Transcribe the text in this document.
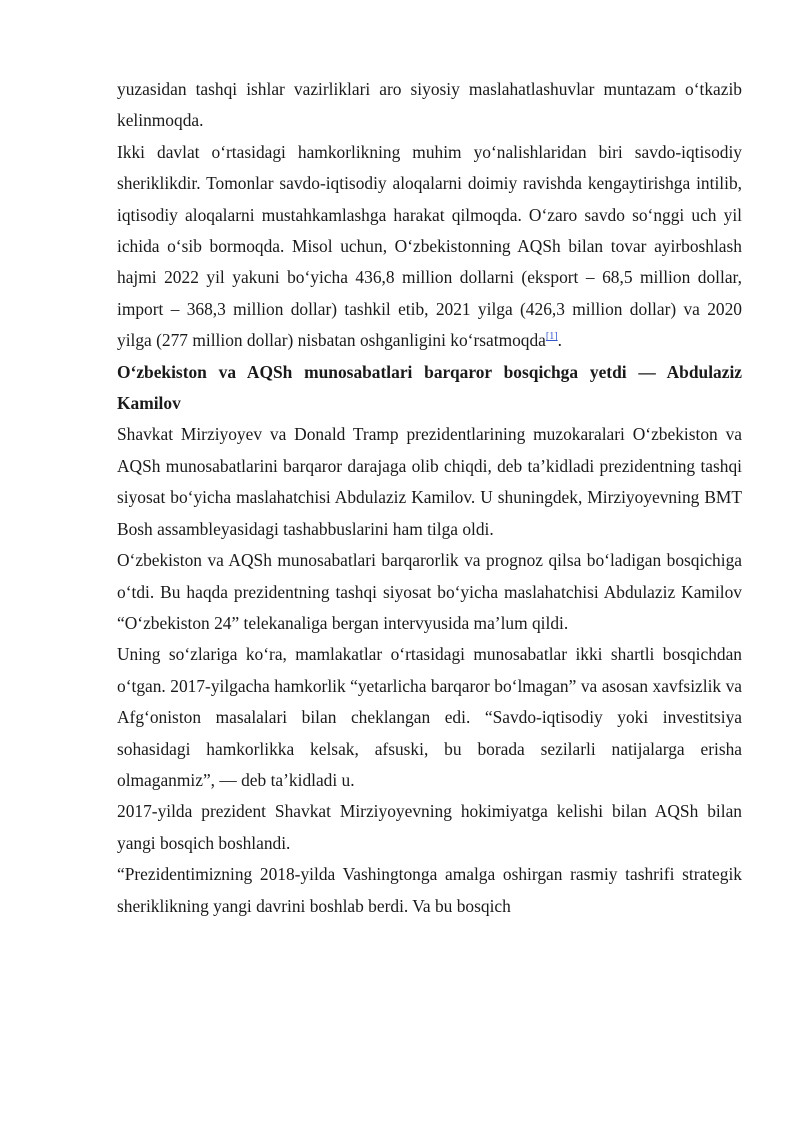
yuzasidan tashqi ishlar vazirliklari aro siyosiy maslahatlashuvlar muntazam o‘tkazib kelinmoqda.

Ikki davlat o‘rtasidagi hamkorlikning muhim yo‘nalishlaridan biri savdo-iqtisodiy sheriklikdir. Tomonlar savdo-iqtisodiy aloqalarni doimiy ravishda kengaytirishga intilib, iqtisodiy aloqalarni mustahkamlashga harakat qilmoqda. O‘zaro savdo so‘nggi uch yil ichida o‘sib bormoqda. Misol uchun, O‘zbekistonning AQSh bilan tovar ayirboshlash hajmi 2022 yil yakuni bo‘yicha 436,8 million dollarni (eksport – 68,5 million dollar, import – 368,3 million dollar) tashkil etib, 2021 yilga (426,3 million dollar) va 2020 yilga (277 million dollar) nisbatan oshganligini ko‘rsatmoqda[1].

O‘zbekiston va AQSh munosabatlari barqaror bosqichga yetdi — Abdulaziz Kamilov

Shavkat Mirziyoyev va Donald Tramp prezidentlarining muzokaralari O‘zbekiston va AQSh munosabatlarini barqaror darajaga olib chiqdi, deb ta’kidladi prezidentning tashqi siyosat bo‘yicha maslahatchisi Abdulaziz Kamilov. U shuningdek, Mirziyoyevning BMT Bosh assambleyasidagi tashabbuslarini ham tilga oldi.

O‘zbekiston va AQSh munosabatlari barqarorlik va prognoz qilsa bo‘ladigan bosqichiga o‘tdi. Bu haqda prezidentning tashqi siyosat bo‘yicha maslahatchisi Abdulaziz Kamilov “O‘zbekiston 24” telekanaliga bergan intervyusida ma’lum qildi.

Uning so‘zlariga ko‘ra, mamlakatlar o‘rtasidagi munosabatlar ikki shartli bosqichdan o‘tgan. 2017-yilgacha hamkorlik “yetarlicha barqaror bo‘lmagan” va asosan xavfsizlik va Afg‘oniston masalalari bilan cheklangan edi. “Savdo-iqtisodiy yoki investitsiya sohasidagi hamkorlikka kelsak, afsuski, bu borada sezilarli natijalarga erisha olmaganmiz”, — deb ta’kidladi u.

2017-yilda prezident Shavkat Mirziyoyevning hokimiyatga kelishi bilan AQSh bilan yangi bosqich boshlandi.

“Prezidentimizning 2018-yilda Vashingtonga amalga oshirgan rasmiy tashrifi strategik sheriklikning yangi davrini boshlab berdi. Va bu bosqich
